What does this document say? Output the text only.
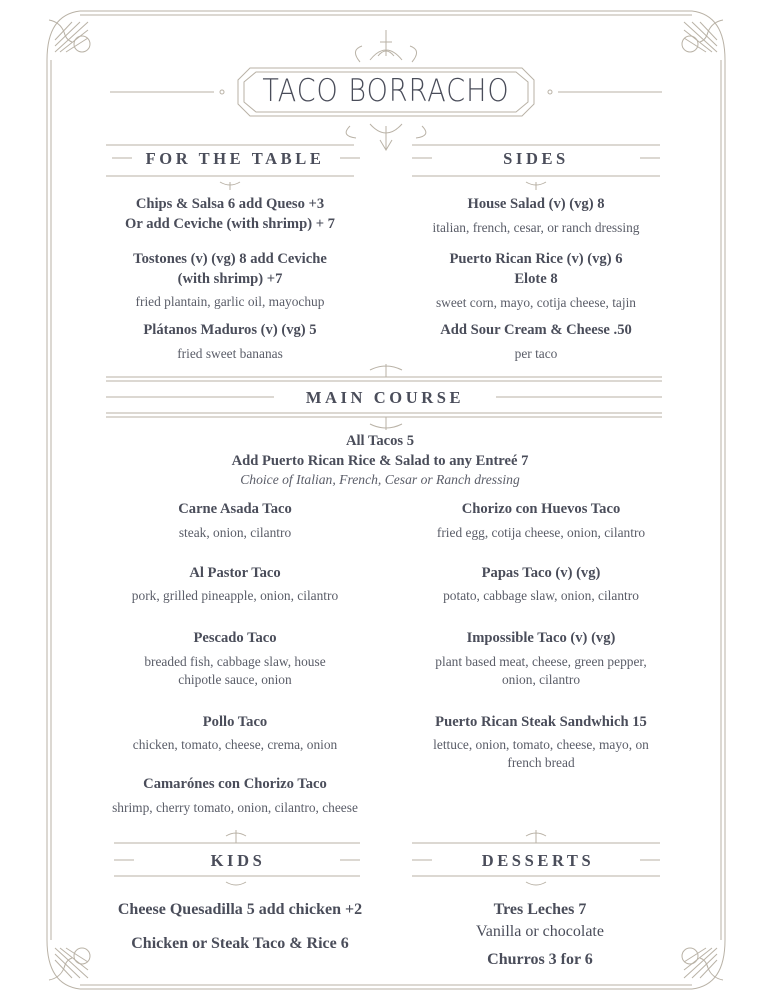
TACO BORRACHO
FOR THE TABLE
Chips & Salsa 6 add Queso +3
Or add Ceviche (with shrimp) + 7
Tostones (v) (vg) 8 add Ceviche
(with shrimp) +7
fried plantain, garlic oil, mayochup
Plátanos Maduros (v) (vg) 5
fried sweet bananas
SIDES
House Salad (v) (vg) 8
italian, french, cesar, or ranch dressing
Puerto Rican Rice (v) (vg) 6
Elote 8
sweet corn, mayo, cotija cheese, tajin
Add Sour Cream & Cheese .50
per taco
MAIN COURSE
All Tacos 5
Add Puerto Rican Rice & Salad to any Entreé 7
Choice of Italian, French, Cesar or Ranch dressing
Carne Asada Taco
steak, onion, cilantro
Al Pastor Taco
pork, grilled pineapple, onion, cilantro
Pescado Taco
breaded fish, cabbage slaw, house
chipotle sauce, onion
Pollo Taco
chicken, tomato, cheese, crema, onion
Camarónes con Chorizo Taco
shrimp, cherry tomato, onion, cilantro, cheese
Chorizo con Huevos Taco
fried egg, cotija cheese, onion, cilantro
Papas Taco (v) (vg)
potato, cabbage slaw, onion, cilantro
Impossible Taco (v) (vg)
plant based meat, cheese, green pepper,
onion, cilantro
Puerto Rican Steak Sandwhich 15
lettuce, onion, tomato, cheese, mayo, on
french bread
KIDS
Cheese Quesadilla 5 add chicken +2
Chicken or Steak Taco & Rice 6
DESSERTS
Tres Leches 7
Vanilla or chocolate
Churros 3 for 6
